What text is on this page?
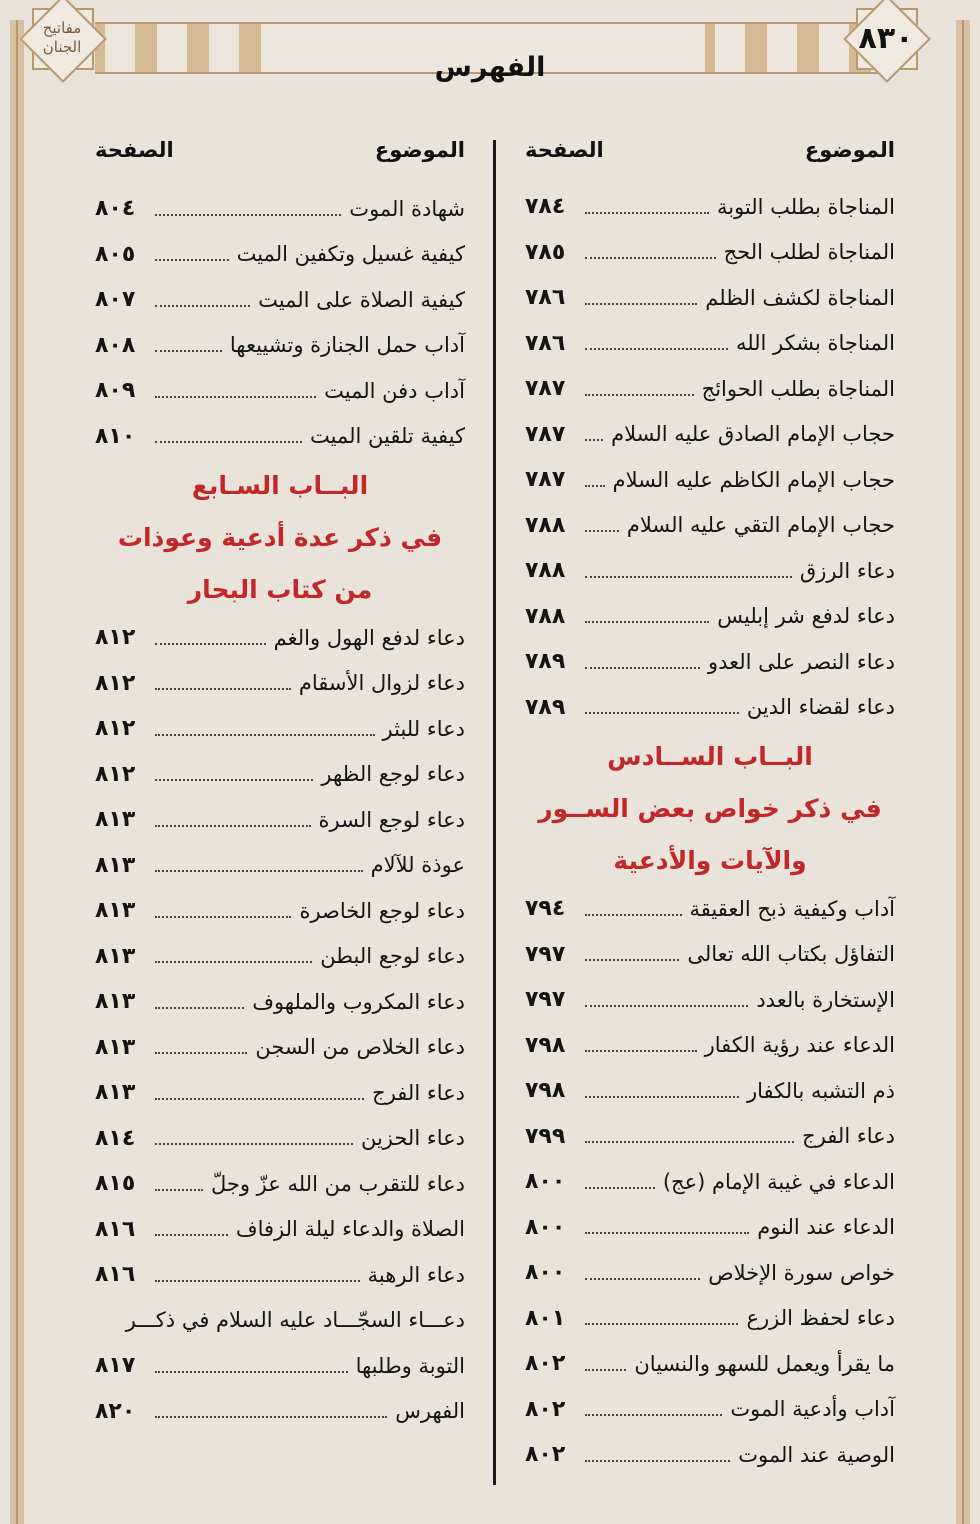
الفهرس
٨٣٠
مفاتيح
الجنان
الموضوع
الصفحة
المناجاة بطلب التوبة
٧٨٤
المناجاة لطلب الحج
٧٨٥
المناجاة لكشف الظلم
٧٨٦
المناجاة بشكر الله
٧٨٦
المناجاة بطلب الحوائج
٧٨٧
حجاب الإمام الصادق عليه السلام
٧٨٧
حجاب الإمام الكاظم عليه السلام
٧٨٧
حجاب الإمام التقي عليه السلام
٧٨٨
دعاء الرزق
٧٨٨
دعاء لدفع شر إبليس
٧٨٨
دعاء النصر على العدو
٧٨٩
دعاء لقضاء الدين
٧٨٩
البــاب الســادس
في ذكر خواص بعض الســور
والآيات والأدعية
آداب وكيفية ذبح العقيقة
٧٩٤
التفاؤل بكتاب الله تعالى
٧٩٧
الإستخارة بالعدد
٧٩٧
الدعاء عند رؤية الكفار
٧٩٨
ذم التشبه بالكفار
٧٩٨
دعاء الفرج
٧٩٩
الدعاء في غيبة الإمام (عج)
٨٠٠
الدعاء عند النوم
٨٠٠
خواص سورة الإخلاص
٨٠٠
دعاء لحفظ الزرع
٨٠١
ما يقرأ ويعمل للسهو والنسيان
٨٠٢
آداب وأدعية الموت
٨٠٢
الوصية عند الموت
٨٠٢
الموضوع
الصفحة
شهادة الموت
٨٠٤
كيفية غسيل وتكفين الميت
٨٠٥
كيفية الصلاة على الميت
٨٠٧
آداب حمل الجنازة وتشييعها
٨٠٨
آداب دفن الميت
٨٠٩
كيفية تلقين الميت
٨١٠
البــاب السـابع
في ذكر عدة أدعية وعوذات
من كتاب البحار
دعاء لدفع الهول والغم
٨١٢
دعاء لزوال الأسقام
٨١٢
دعاء للبثر
٨١٢
دعاء لوجع الظهر
٨١٢
دعاء لوجع السرة
٨١٣
عوذة للآلام
٨١٣
دعاء لوجع الخاصرة
٨١٣
دعاء لوجع البطن
٨١٣
دعاء المكروب والملهوف
٨١٣
دعاء الخلاص من السجن
٨١٣
دعاء الفرج
٨١٣
دعاء الحزين
٨١٤
دعاء للتقرب من الله عزّ وجلّ
٨١٥
الصلاة والدعاء ليلة الزفاف
٨١٦
دعاء الرهبة
٨١٦
دعـــاء السجّـــاد عليه السلام في ذكـــر
التوبة وطلبها
٨١٧
الفهرس
٨٢٠
